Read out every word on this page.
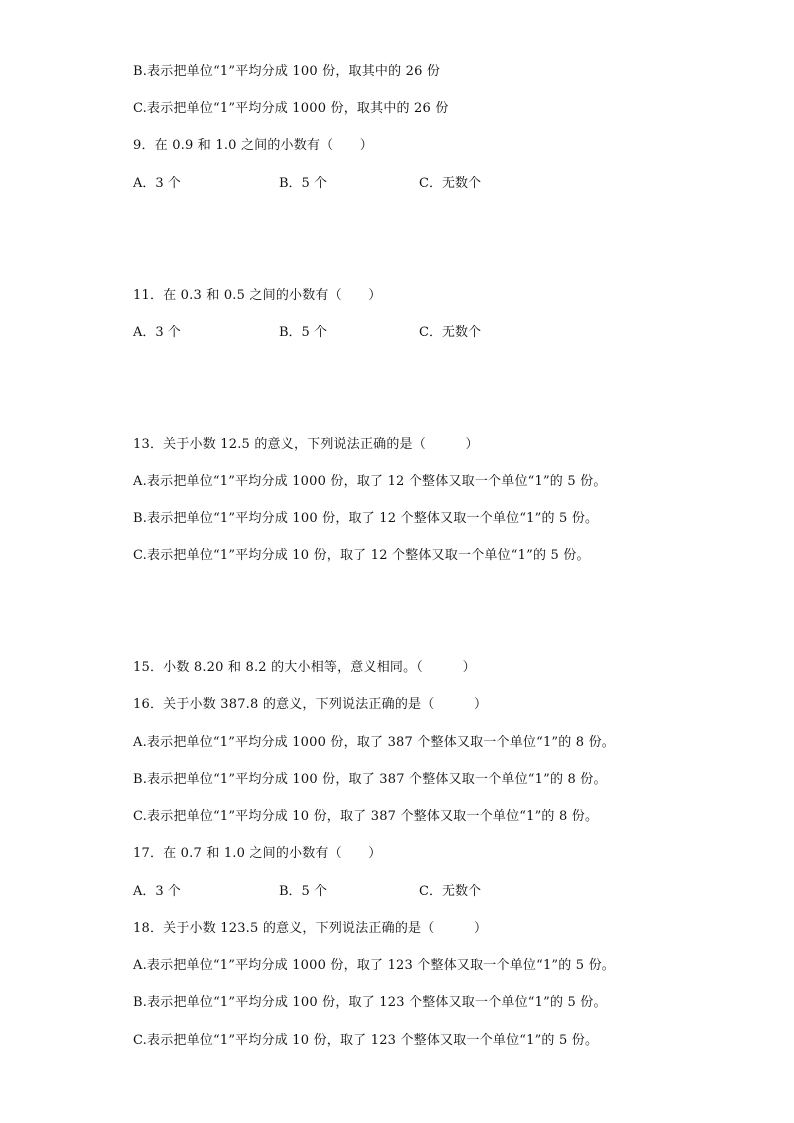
B.表示把单位“1”平均分成 100 份，取其中的 26 份
C.表示把单位“1”平均分成 1000 份，取其中的 26 份
9．在 0.9 和 1.0 之间的小数有（　　）
A．3 个	B．5 个	C．无数个
11．在 0.3 和 0.5 之间的小数有（　　）
A．3 个	B．5 个	C．无数个
13．关于小数 12.5 的意义，下列说法正确的是（　　　）
A.表示把单位“1”平均分成 1000 份，取了 12 个整体又取一个单位“1”的 5 份。
B.表示把单位“1”平均分成 100 份，取了 12 个整体又取一个单位“1”的 5 份。
C.表示把单位“1”平均分成 10 份，取了 12 个整体又取一个单位“1”的 5 份。
15．小数 8.20 和 8.2 的大小相等，意义相同。（　　　）
16．关于小数 387.8 的意义，下列说法正确的是（　　　）
A.表示把单位“1”平均分成 1000 份，取了 387 个整体又取一个单位“1”的 8 份。
B.表示把单位“1”平均分成 100 份，取了 387 个整体又取一个单位“1”的 8 份。
C.表示把单位“1”平均分成 10 份，取了 387 个整体又取一个单位“1”的 8 份。
17．在 0.7 和 1.0 之间的小数有（　　）
A．3 个	B．5 个	C．无数个
18．关于小数 123.5 的意义，下列说法正确的是（　　　）
A.表示把单位“1”平均分成 1000 份，取了 123 个整体又取一个单位“1”的 5 份。
B.表示把单位“1”平均分成 100 份，取了 123 个整体又取一个单位“1”的 5 份。
C.表示把单位“1”平均分成 10 份，取了 123 个整体又取一个单位“1”的 5 份。
